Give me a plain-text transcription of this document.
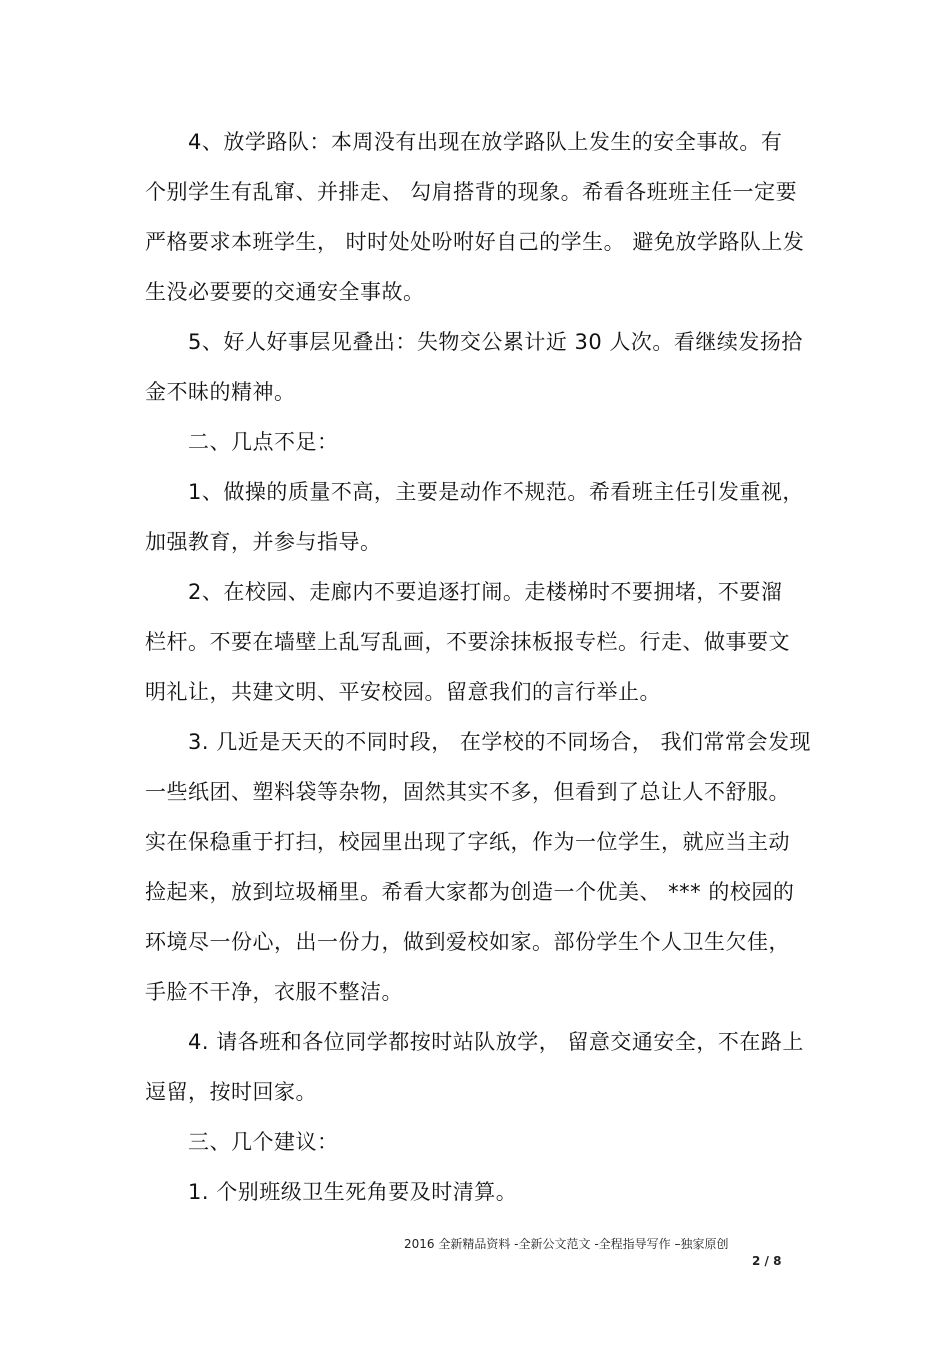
4、放学路队：本周没有出现在放学路队上发生的安全事故。有
个别学生有乱窜、并排走、 勾肩搭背的现象。希看各班班主任一定要
严格要求本班学生， 时时处处吩咐好自己的学生。 避免放学路队上发
生没必要要的交通安全事故。
5、好人好事层见叠出：失物交公累计近 30 人次。看继续发扬拾
金不昧的精神。
二、几点不足：
1、做操的质量不高，主要是动作不规范。希看班主任引发重视，
加强教育，并参与指导。
2、在校园、走廊内不要追逐打闹。走楼梯时不要拥堵，不要溜
栏杆。不要在墙壁上乱写乱画，不要涂抹板报专栏。行走、做事要文
明礼让，共建文明、平安校园。留意我们的言行举止。
3. 几近是天天的不同时段， 在学校的不同场合， 我们常常会发现
一些纸团、塑料袋等杂物，固然其实不多，但看到了总让人不舒服。
实在保稳重于打扫，校园里出现了字纸，作为一位学生，就应当主动
捡起来，放到垃圾桶里。希看大家都为创造一个优美、 *** 的校园的
环境尽一份心，出一份力，做到爱校如家。部份学生个人卫生欠佳，
手脸不干净，衣服不整洁。
4. 请各班和各位同学都按时站队放学， 留意交通安全，不在路上
逗留，按时回家。
三、几个建议：
1. 个别班级卫生死角要及时清算。
2016 全新精品资料 -全新公文范文 -全程指导写作 –独家原创
2 / 8
